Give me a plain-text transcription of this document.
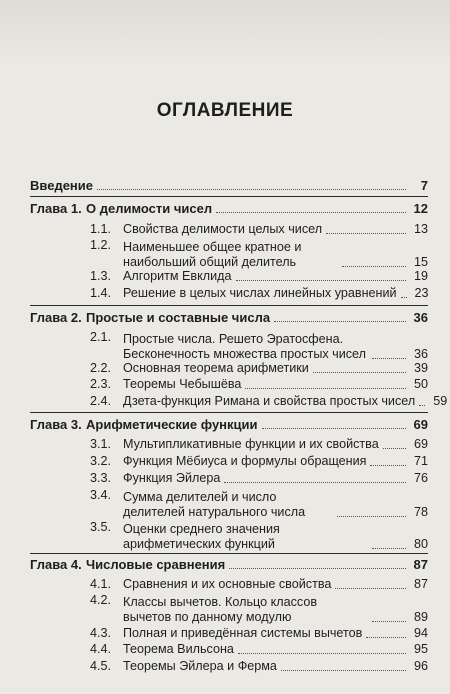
ОГЛАВЛЕНИЕ
Введение	7
Глава 1. О делимости чисел	12
1.1. Свойства делимости целых чисел	13
1.2. Наименьшее общее кратное и наибольший общий делитель	15
1.3. Алгоритм Евклида	19
1.4. Решение в целых числах линейных уравнений	23
Глава 2. Простые и составные числа	36
2.1. Простые числа. Решето Эратосфена. Бесконечность множества простых чисел	36
2.2. Основная теорема арифметики	39
2.3. Теоремы Чебышёва	50
2.4. Дзета-функция Римана и свойства простых чисел	59
Глава 3. Арифметические функции	69
3.1. Мультипликативные функции и их свойства	69
3.2. Функция Мёбиуса и формулы обращения	71
3.3. Функция Эйлера	76
3.4. Сумма делителей и число делителей натурального числа	78
3.5. Оценки среднего значения арифметических функций	80
Глава 4. Числовые сравнения	87
4.1. Сравнения и их основные свойства	87
4.2. Классы вычетов. Кольцо классов вычетов по данному модулю	89
4.3. Полная и приведённая системы вычетов	94
4.4. Теорема Вильсона	95
4.5. Теоремы Эйлера и Ферма	96
